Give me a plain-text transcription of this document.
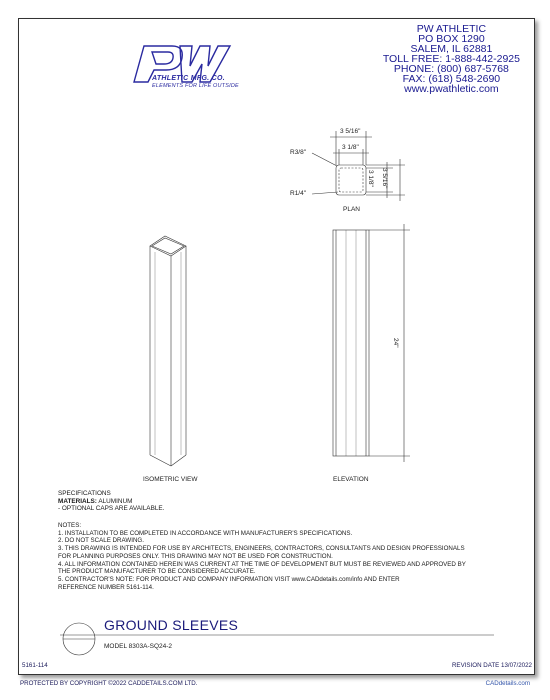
ATHLETIC MFG. CO.
ELEMENTS FOR LIFE OUTSIDE
PW ATHLETIC
PO BOX 1290
SALEM, IL 62881
TOLL FREE: 1-888-442-2925
PHONE: (800) 687-5768
FAX: (618) 548-2690
www.pwathletic.com
3 5/16"
3 1/8"
3 1/8" 3 5/16"
R3/8"
R1/4"
PLAN
24"
ELEVATION
ISOMETRIC VIEW
SPECIFICATIONS
MATERIALS: ALUMINUM
- OPTIONAL CAPS ARE AVAILABLE.
NOTES:
1. INSTALLATION TO BE COMPLETED IN ACCORDANCE WITH MANUFACTURER'S SPECIFICATIONS.
2. DO NOT SCALE DRAWING.
3. THIS DRAWING IS INTENDED FOR USE BY ARCHITECTS, ENGINEERS, CONTRACTORS, CONSULTANTS AND DESIGN PROFESSIONALS
FOR PLANNING PURPOSES ONLY. THIS DRAWING MAY NOT BE USED FOR CONSTRUCTION.
4. ALL INFORMATION CONTAINED HEREIN WAS CURRENT AT THE TIME OF DEVELOPMENT BUT MUST BE REVIEWED AND APPROVED BY
THE PRODUCT MANUFACTURER TO BE CONSIDERED ACCURATE.
5. CONTRACTOR'S NOTE: FOR PRODUCT AND COMPANY INFORMATION VISIT www.CADdetails.com/info AND ENTER
REFERENCE NUMBER 5161-114.
GROUND SLEEVES
MODEL 8303A-SQ24-2
5161-114	REVISION DATE 13/07/2022
PROTECTED BY COPYRIGHT ©2022 CADDETAILS.COM LTD.	CADdetails.com
